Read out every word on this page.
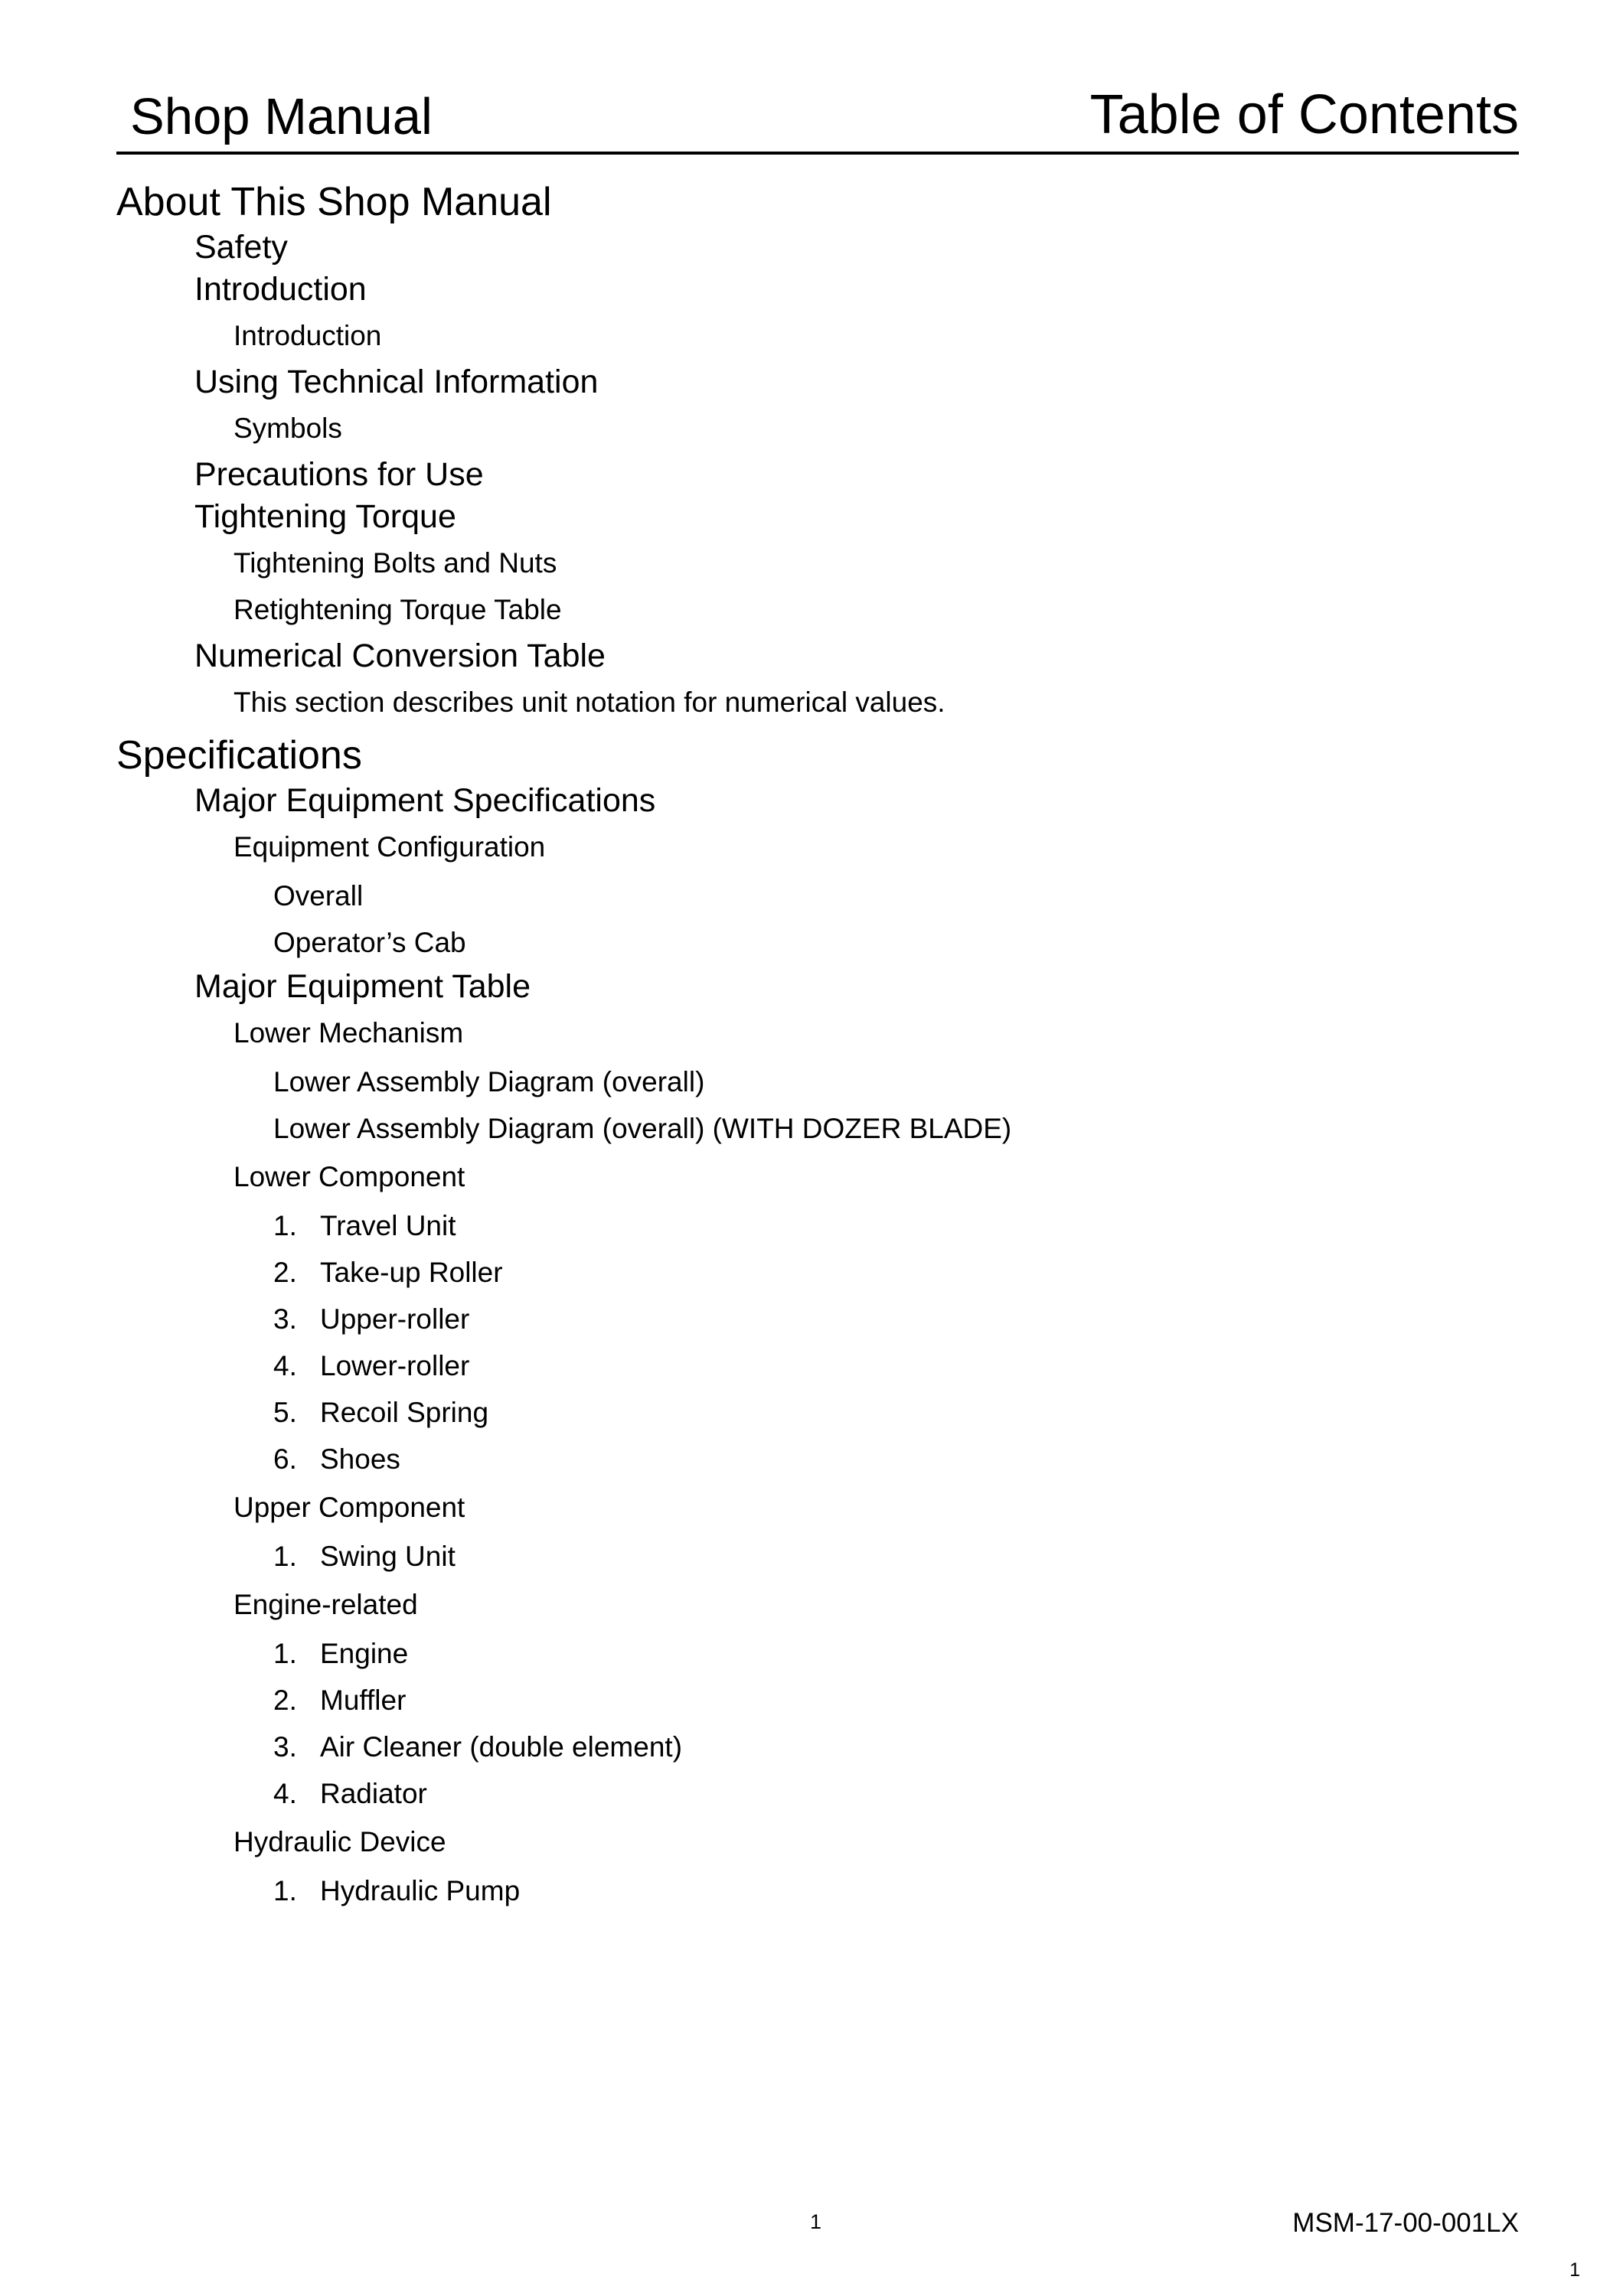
Shop Manual	Table of Contents
About This Shop Manual
Safety
Introduction
Introduction
Using Technical Information
Symbols
Precautions for Use
Tightening Torque
Tightening Bolts and Nuts
Retightening Torque Table
Numerical Conversion Table
This section describes unit notation for numerical values.
Specifications
Major Equipment Specifications
Equipment Configuration
Overall
Operator’s Cab
Major Equipment Table
Lower Mechanism
Lower Assembly Diagram (overall)
Lower Assembly Diagram (overall) (WITH DOZER BLADE)
Lower Component
1. Travel Unit
2. Take-up Roller
3. Upper-roller
4. Lower-roller
5. Recoil Spring
6. Shoes
Upper Component
1. Swing Unit
Engine-related
1. Engine
2. Muffler
3. Air Cleaner (double element)
4. Radiator
Hydraulic Device
1. Hydraulic Pump
1	MSM-17-00-001LX
1
